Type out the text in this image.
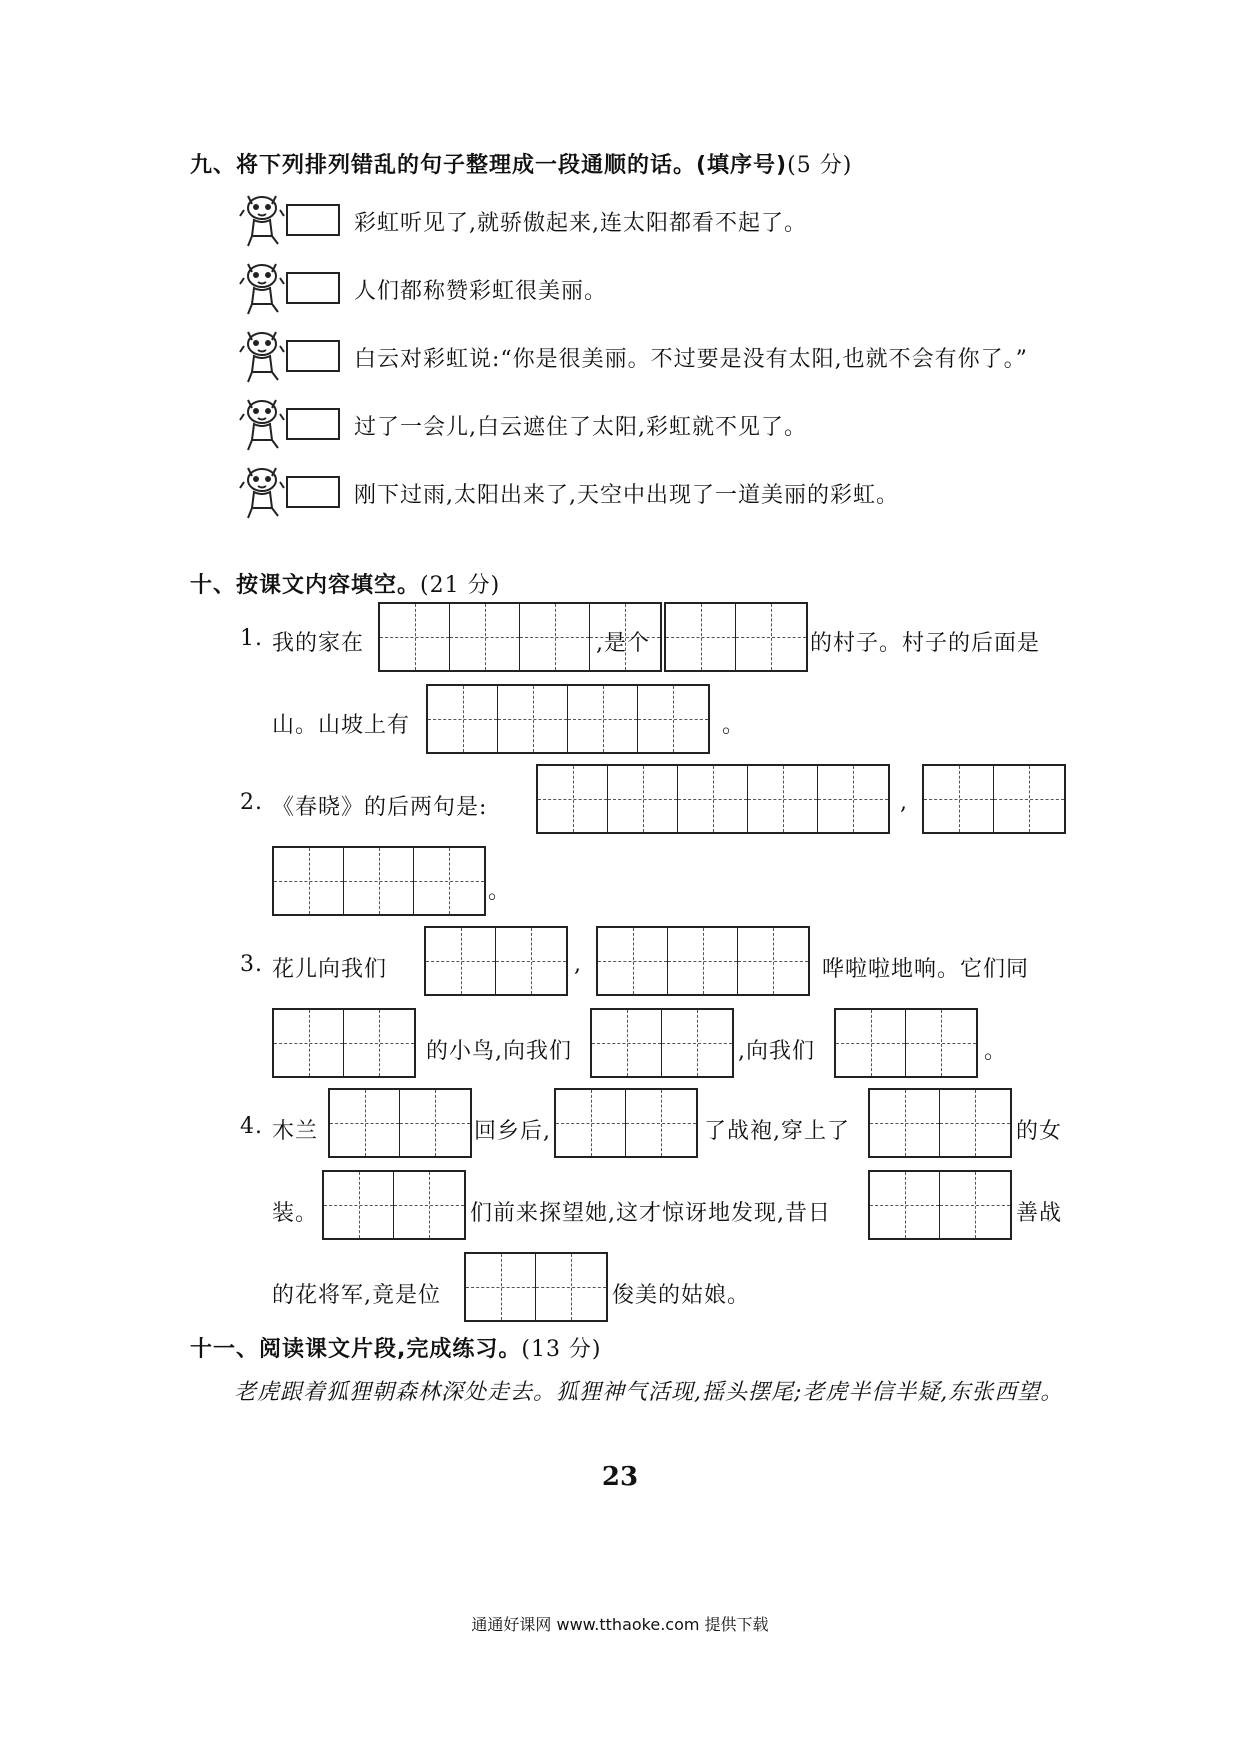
九、将下列排列错乱的句子整理成一段通顺的话。(填序号)(5 分)
彩虹听见了,就骄傲起来,连太阳都看不起了。
人们都称赞彩虹很美丽。
白云对彩虹说:“你是很美丽。不过要是没有太阳,也就不会有你了。”
过了一会儿,白云遮住了太阳,彩虹就不见了。
刚下过雨,太阳出来了,天空中出现了一道美丽的彩虹。
十、按课文内容填空。(21 分)
1. 我的家在	,是个	的村子。村子的后面是
山。山坡上有	。
2. 《春晓》的后两句是:	,
。
3. 花儿向我们	,	哗啦啦地响。它们同
的小鸟,向我们	,向我们	。
4. 木兰	回乡后,	了战袍,穿上了	的女
装。	们前来探望她,这才惊讶地发现,昔日	善战
的花将军,竟是位	俊美的姑娘。
十一、阅读课文片段,完成练习。(13 分)
老虎跟着狐狸朝森林深处走去。狐狸神气活现,摇头摆尾;老虎半信半疑,东张西望。
23
通通好课网 www.tthaoke.com 提供下载
